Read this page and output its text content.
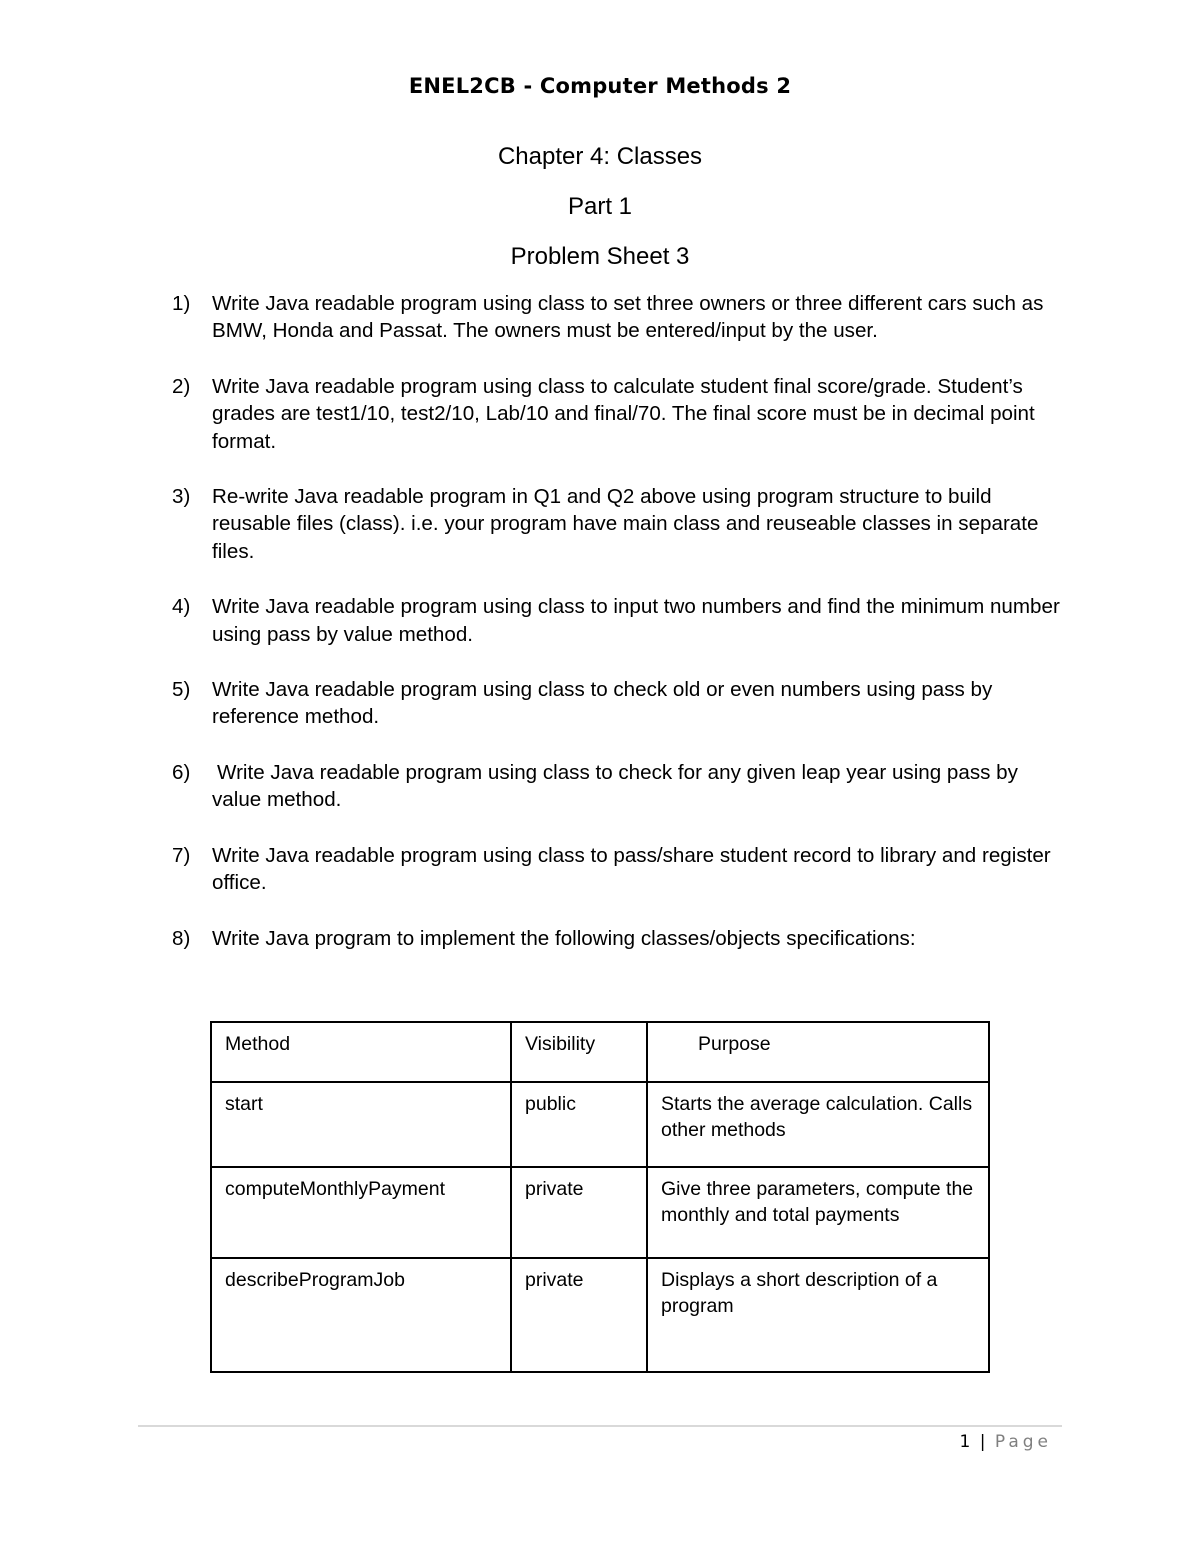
ENEL2CB - Computer Methods 2
Chapter 4: Classes
Part 1
Problem Sheet 3
1) Write Java readable program using class to set three owners or three different cars such as BMW, Honda and Passat. The owners must be entered/input by the user.
2) Write Java readable program using class to calculate student final score/grade. Student’s grades are test1/10, test2/10, Lab/10 and final/70. The final score must be in decimal point format.
3) Re-write Java readable program in Q1 and Q2 above using program structure to build reusable files (class). i.e. your program have main class and reuseable classes in separate files.
4) Write Java readable program using class to input two numbers and find the minimum number using pass by value method.
5) Write Java readable program using class to check old or even numbers using pass by reference method.
6) Write Java readable program using class to check for any given leap year using pass by value method.
7) Write Java readable program using class to pass/share student record to library and register office.
8) Write Java program to implement the following classes/objects specifications:
Method	Visibility	Purpose
start	public	Starts the average calculation. Calls other methods
computeMonthlyPayment	private	Give three parameters, compute the monthly and total payments
describeProgramJob	private	Displays a short description of a program
1 | Page
